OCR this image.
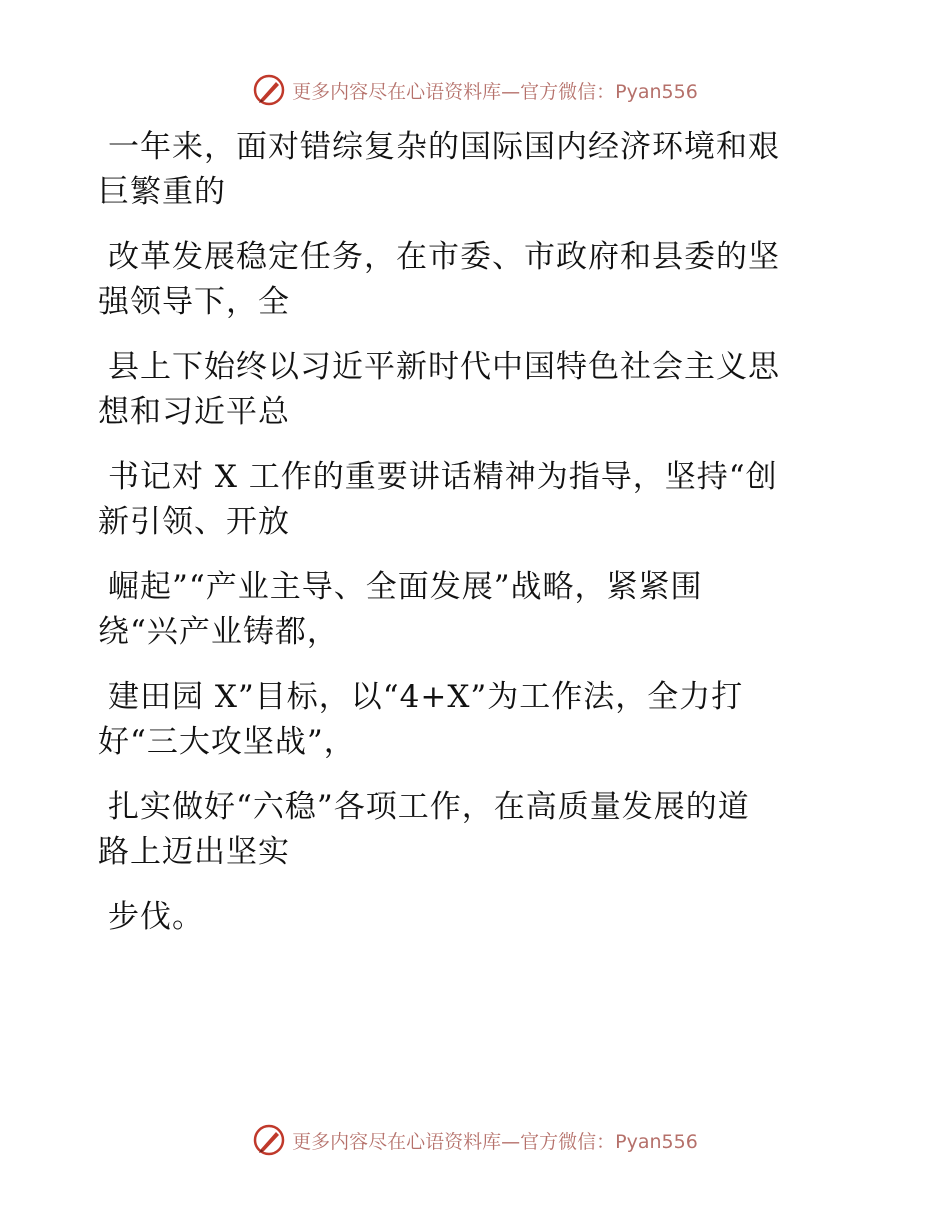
更多内容尽在心语资料库—官方微信：Pyan556

一年来，面对错综复杂的国际国内经济环境和艰
巨繁重的

改革发展稳定任务，在市委、市政府和县委的坚
强领导下，全

县上下始终以习近平新时代中国特色社会主义思
想和习近平总

书记对 X 工作的重要讲话精神为指导，坚持“创
新引领、开放

崛起”“产业主导、全面发展”战略，紧紧围
绕“兴产业铸都，

建田园 X”目标，以“4+X”为工作法，全力打
好“三大攻坚战”，

扎实做好“六稳”各项工作，在高质量发展的道
路上迈出坚实

步伐。

更多内容尽在心语资料库—官方微信：Pyan556
